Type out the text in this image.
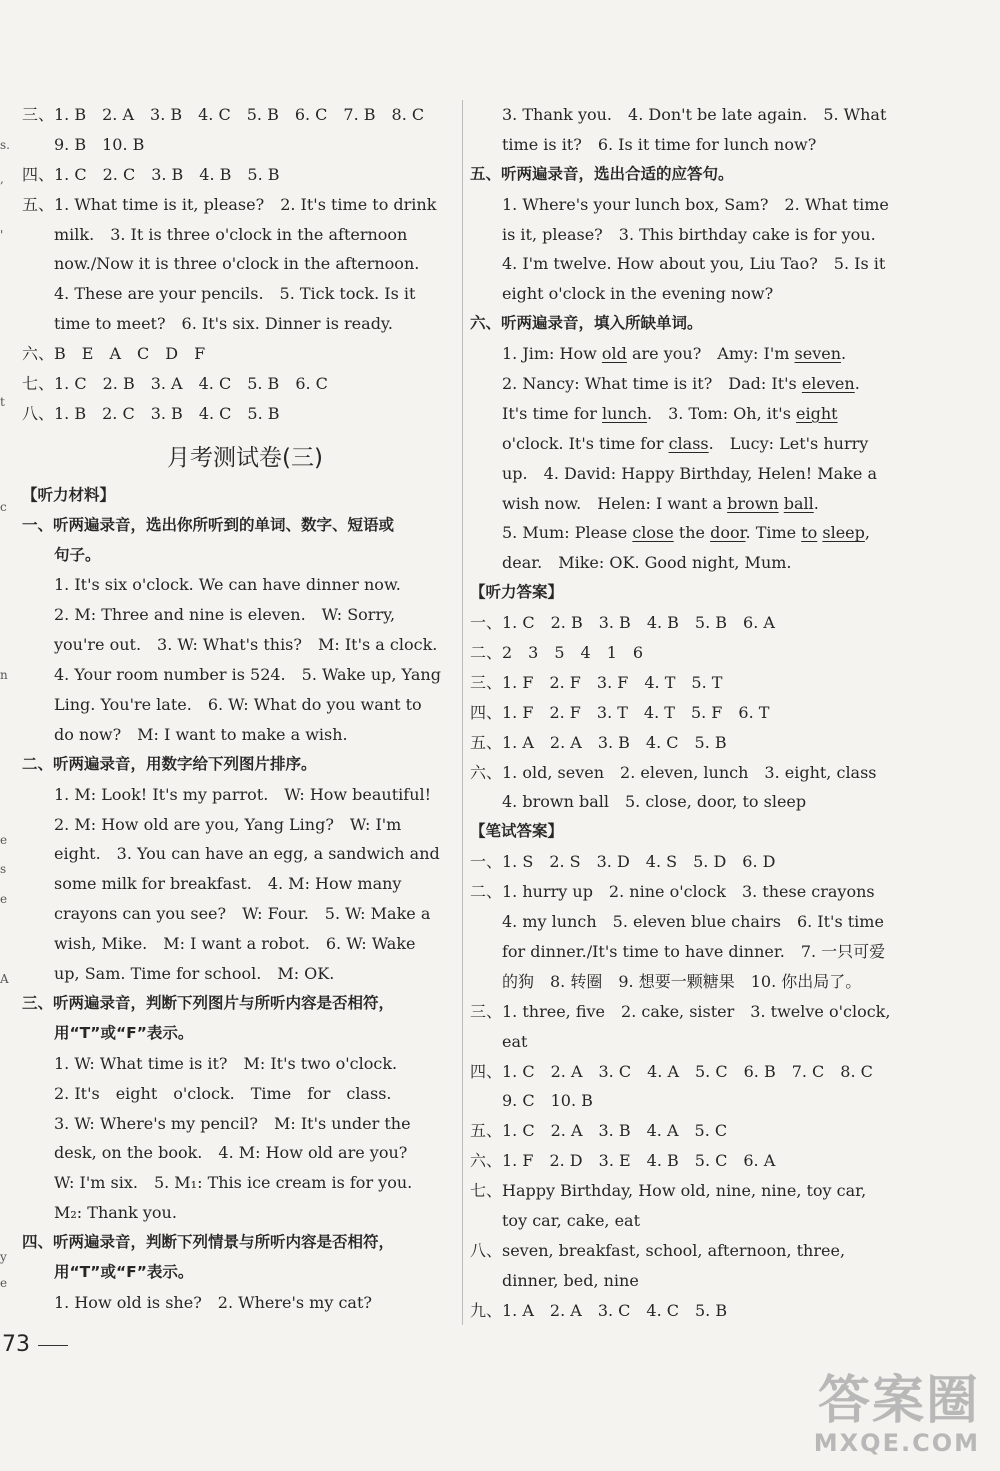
s.
,
'
t
c
n
e
s
e
A
y
e
三、1. B　2. A　3. B　4. C　5. B　6. C　7. B　8. C
9. B　10. B
四、1. C　2. C　3. B　4. B　5. B
五、1. What time is it, please?　2. It's time to drink
milk.　3. It is three o'clock in the afternoon
now./Now it is three o'clock in the afternoon.
4. These are your pencils.　5. Tick tock. Is it
time to meet?　6. It's six. Dinner is ready.
六、B　E　A　C　D　F
七、1. C　2. B　3. A　4. C　5. B　6. C
八、1. B　2. C　3. B　4. C　5. B
月考测试卷(三)
【听力材料】
一、听两遍录音，选出你所听到的单词、数字、短语或
句子。
1. It's six o'clock. We can have dinner now.
2. M: Three and nine is eleven.　W: Sorry,
you're out.　3. W: What's this?　M: It's a clock.
4. Your room number is 524.　5. Wake up, Yang
Ling. You're late.　6. W: What do you want to
do now?　M: I want to make a wish.
二、听两遍录音，用数字给下列图片排序。
1. M: Look! It's my parrot.　W: How beautiful!
2. M: How old are you, Yang Ling?　W: I'm
eight.　3. You can have an egg, a sandwich and
some milk for breakfast.　4. M: How many
crayons can you see?　W: Four.　5. W: Make a
wish, Mike.　M: I want a robot.　6. W: Wake
up, Sam. Time for school.　M: OK.
三、听两遍录音，判断下列图片与所听内容是否相符，
用“T”或“F”表示。
1. W: What time is it?　M: It's two o'clock.
2. It's　eight　o'clock.　Time　for　class.
3. W: Where's my pencil?　M: It's under the
desk, on the book.　4. M: How old are you?
W: I'm six.　5. M₁: This ice cream is for you.
M₂: Thank you.
四、听两遍录音，判断下列情景与所听内容是否相符，
用“T”或“F”表示。
1. How old is she?　2. Where's my cat?
3. Thank you.　4. Don't be late again.　5. What
time is it?　6. Is it time for lunch now?
五、听两遍录音，选出合适的应答句。
1. Where's your lunch box, Sam?　2. What time
is it, please?　3. This birthday cake is for you.
4. I'm twelve. How about you, Liu Tao?　5. Is it
eight o'clock in the evening now?
六、听两遍录音，填入所缺单词。
1. Jim: How old are you?　Amy: I'm seven.
2. Nancy: What time is it?　Dad: It's eleven.
It's time for lunch.　3. Tom: Oh, it's eight
o'clock. It's time for class.　Lucy: Let's hurry
up.　4. David: Happy Birthday, Helen! Make a
wish now.　Helen: I want a brown ball.
5. Mum: Please close the door. Time to sleep,
dear.　Mike: OK. Good night, Mum.
【听力答案】
一、1. C　2. B　3. B　4. B　5. B　6. A
二、2　3　5　4　1　6
三、1. F　2. F　3. F　4. T　5. T
四、1. F　2. F　3. T　4. T　5. F　6. T
五、1. A　2. A　3. B　4. C　5. B
六、1. old, seven　2. eleven, lunch　3. eight, class
4. brown ball　5. close, door, to sleep
【笔试答案】
一、1. S　2. S　3. D　4. S　5. D　6. D
二、1. hurry up　2. nine o'clock　3. these crayons
4. my lunch　5. eleven blue chairs　6. It's time
for dinner./It's time to have dinner.　7. 一只可爱
的狗　8. 转圈　9. 想要一颗糖果　10. 你出局了。
三、1. three, five　2. cake, sister　3. twelve o'clock,
eat
四、1. C　2. A　3. C　4. A　5. C　6. B　7. C　8. C
9. C　10. B
五、1. C　2. A　3. B　4. A　5. C
六、1. F　2. D　3. E　4. B　5. C　6. A
七、Happy Birthday, How old, nine, nine, toy car,
toy car, cake, eat
八、seven, breakfast, school, afternoon, three,
dinner, bed, nine
九、1. A　2. A　3. C　4. C　5. B
73
答案圈
MXQE.COM
